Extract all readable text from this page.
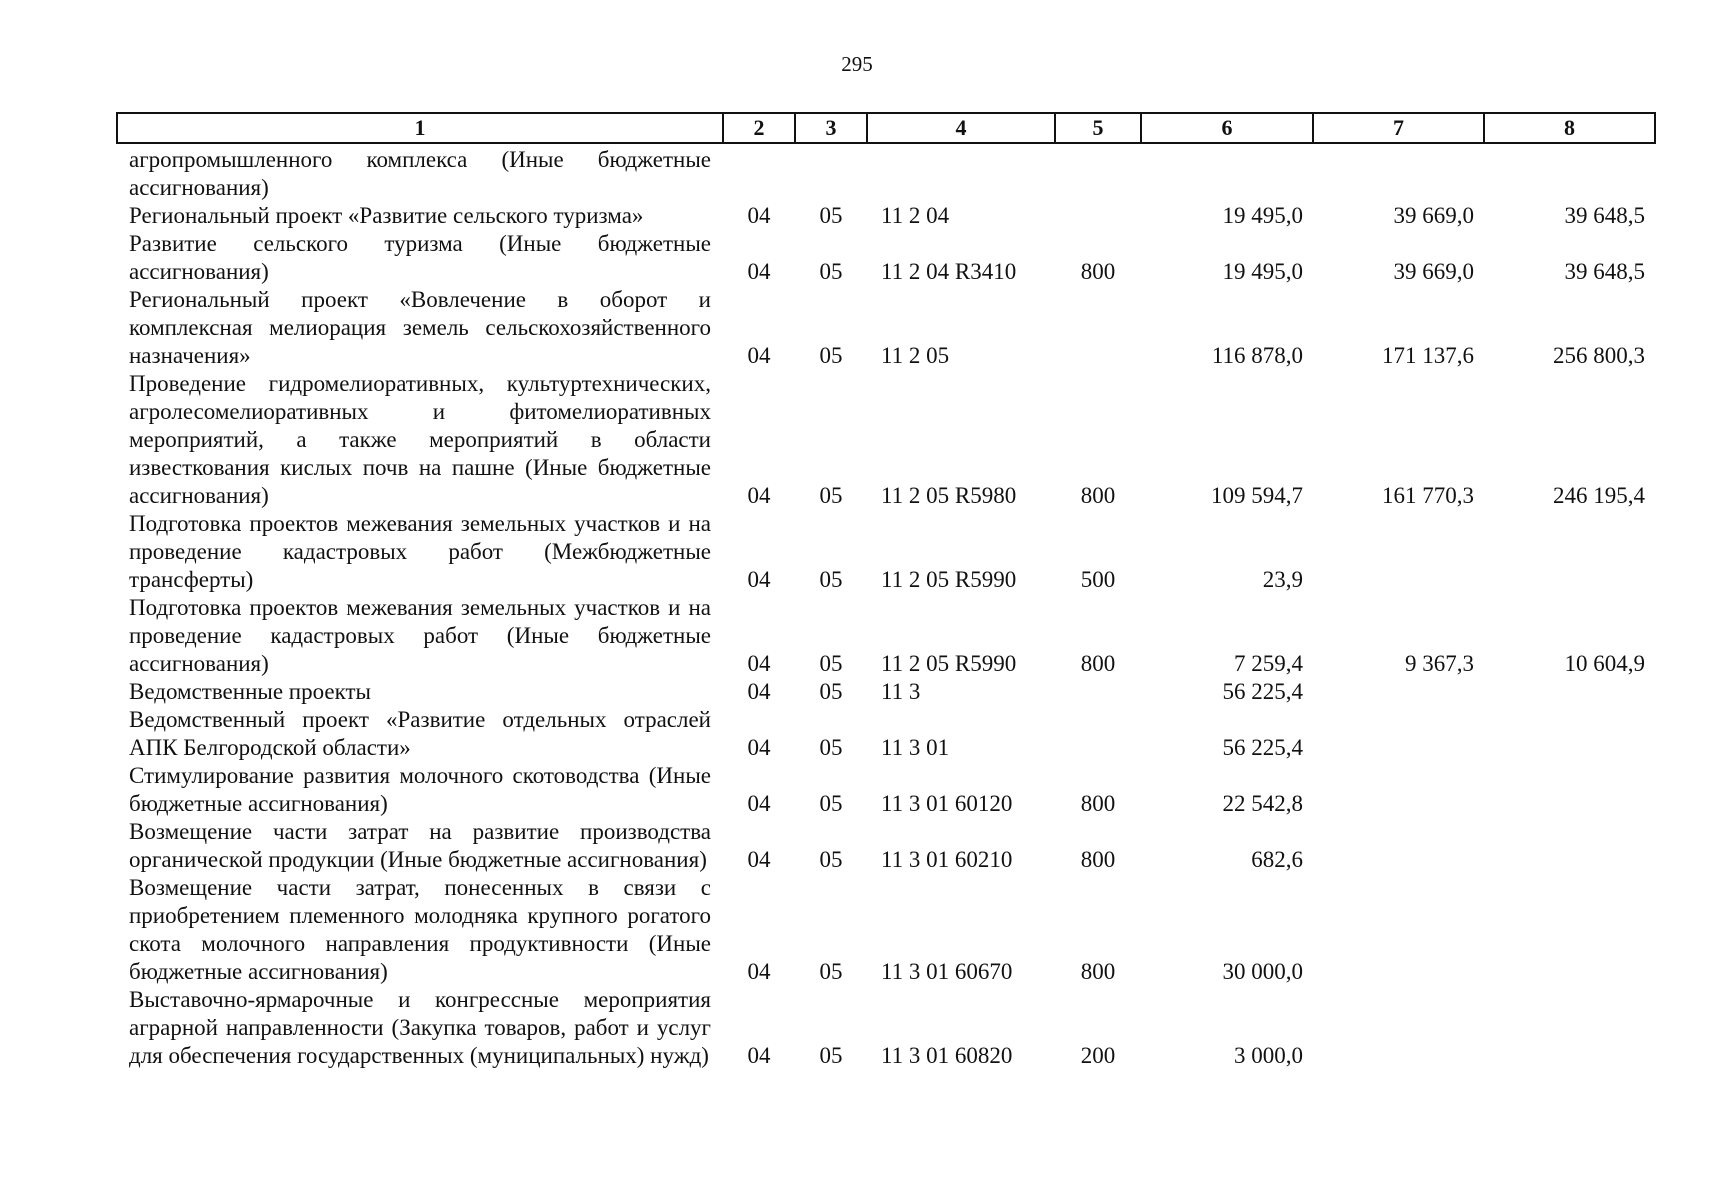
295
1	2	3	4	5	6	7	8
агропромышленного комплекса (Иные бюджетные ассигнования)							
Региональный проект «Развитие сельского туризма»	04	05	11 2 04		19 495,0	39 669,0	39 648,5
Развитие сельского туризма (Иные бюджетные ассигнования)	04	05	11 2 04 R3410	800	19 495,0	39 669,0	39 648,5
Региональный проект «Вовлечение в оборот и комплексная мелиорация земель сельскохозяйственного назначения»	04	05	11 2 05		116 878,0	171 137,6	256 800,3
Проведение гидромелиоративных, культуртехнических, агролесомелиоративных и фитомелиоративных мероприятий, а также мероприятий в области известкования кислых почв на пашне (Иные бюджетные ассигнования)	04	05	11 2 05 R5980	800	109 594,7	161 770,3	246 195,4
Подготовка проектов межевания земельных участков и на проведение кадастровых работ (Межбюджетные трансферты)	04	05	11 2 05 R5990	500	23,9		
Подготовка проектов межевания земельных участков и на проведение кадастровых работ (Иные бюджетные ассигнования)	04	05	11 2 05 R5990	800	7 259,4	9 367,3	10 604,9
Ведомственные проекты	04	05	11 3		56 225,4		
Ведомственный проект «Развитие отдельных отраслей АПК Белгородской области»	04	05	11 3 01		56 225,4		
Стимулирование развития молочного скотоводства (Иные бюджетные ассигнования)	04	05	11 3 01 60120	800	22 542,8		
Возмещение части затрат на развитие производства органической продукции (Иные бюджетные ассигнования)	04	05	11 3 01 60210	800	682,6		
Возмещение части затрат, понесенных в связи с приобретением племенного молодняка крупного рогатого скота молочного направления продуктивности (Иные бюджетные ассигнования)	04	05	11 3 01 60670	800	30 000,0		
Выставочно-ярмарочные и конгрессные мероприятия аграрной направленности (Закупка товаров, работ и услуг для обеспечения государственных (муниципальных) нужд)	04	05	11 3 01 60820	200	3 000,0		
